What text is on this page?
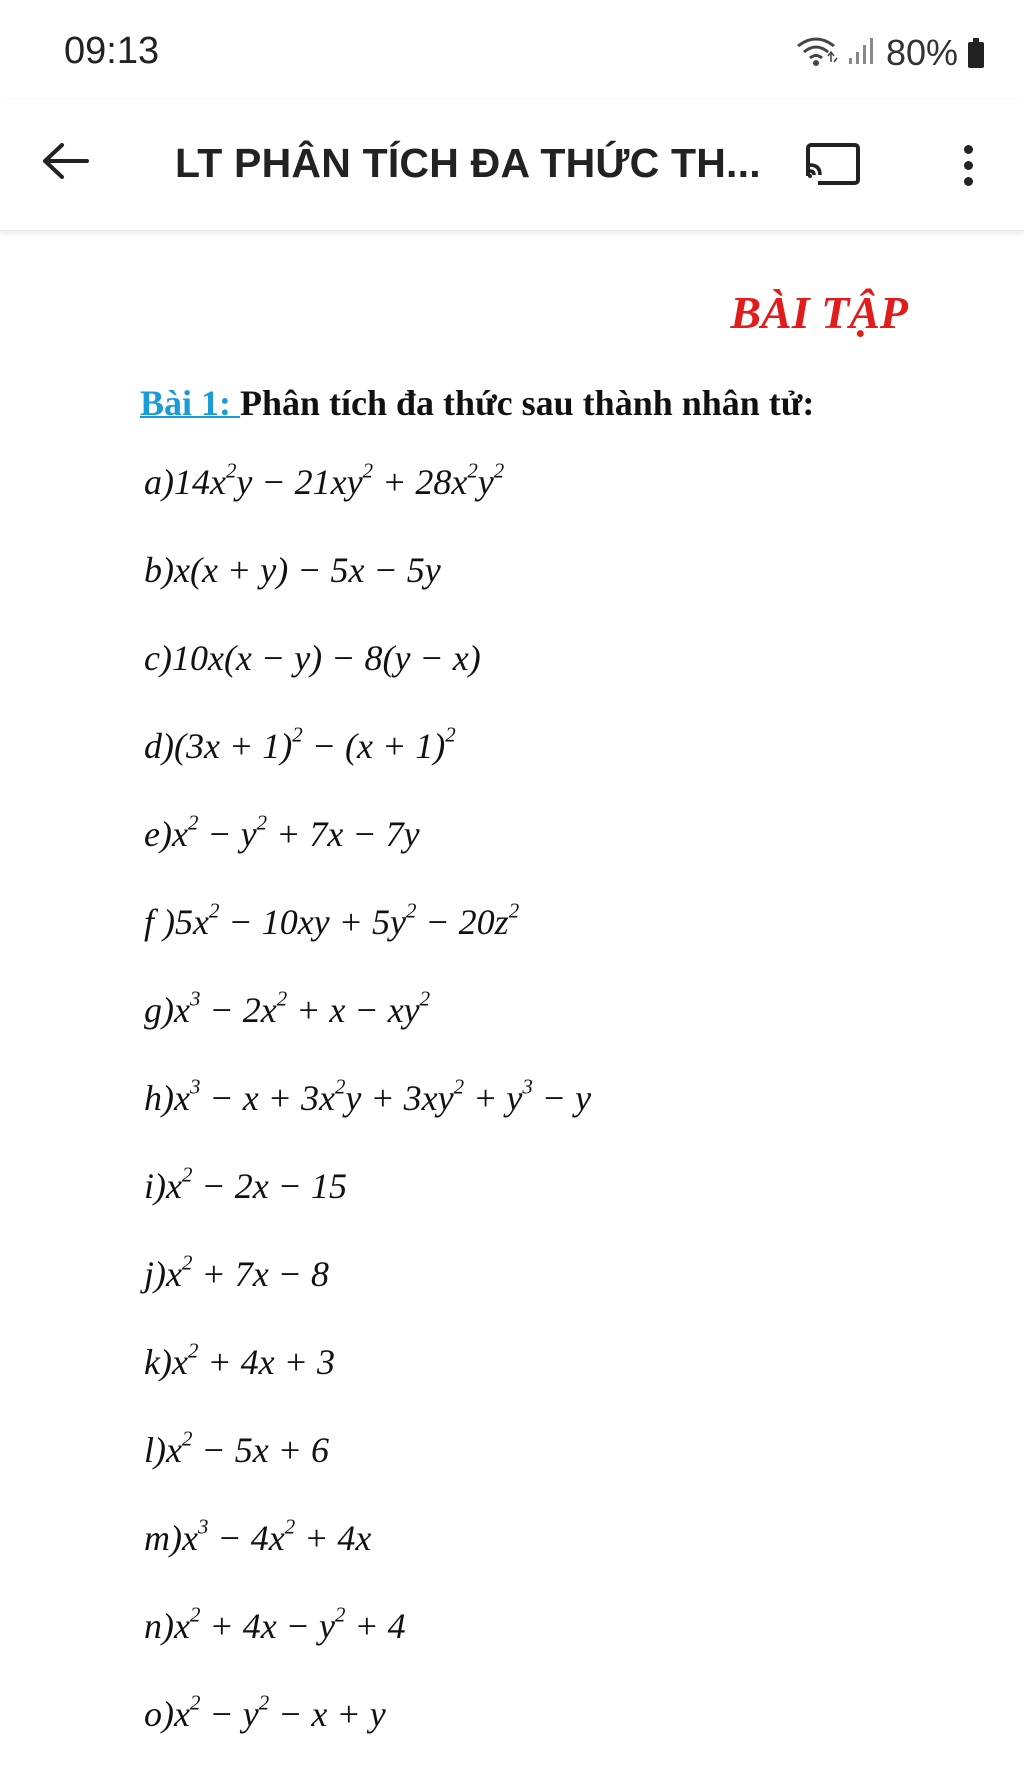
09:13	80%
LT PHÂN TÍCH ĐA THỨC TH...
BÀI TẬP
Bài 1: Phân tích đa thức sau thành nhân tử:
$a)14x^2y - 21xy^2 + 28x^2y^2$
b)x(x + y) − 5x − 5y
c)10x(x − y) − 8(y − x)
$d)(3x + 1)^2 - (x + 1)^2$
$e)x^2 - y^2 + 7x - 7y$
f )$5x^2 - 10xy + 5y^2 - 20z^2$
$g)x^3 - 2x^2 + x - xy^2$
$h)x^3 - x + 3x^2y + 3xy^2 + y^3 - y$
$i)x^2 - 2x - 15$
$j)x^2 + 7x - 8$
$k)x^2 + 4x + 3$
$l)x^2 - 5x + 6$
$m)x^3 - 4x^2 + 4x$
$n)x^2 + 4x - y^2 + 4$
$o)x^2 - y^2 - x + y$
